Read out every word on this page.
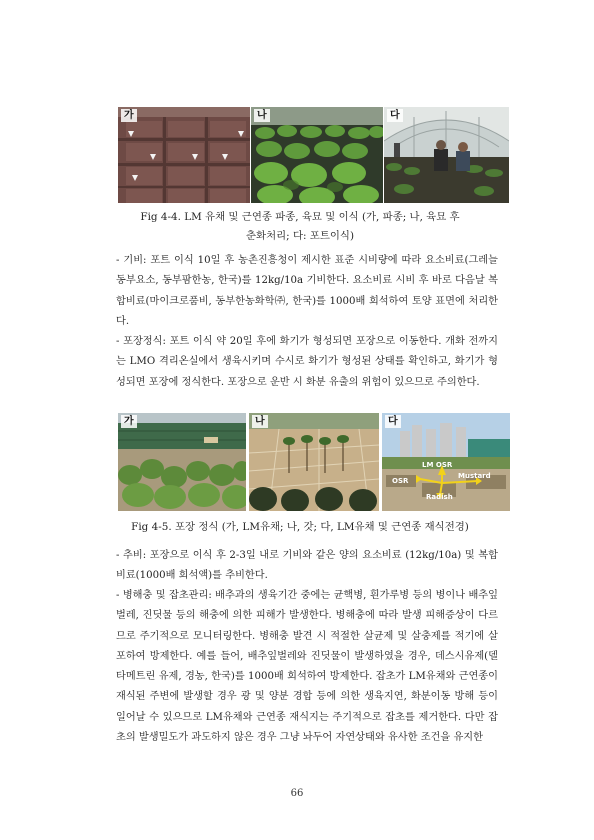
가	나	다
Fig 4-4. LM 유채 및 근연종 파종, 육묘 및 이식 (가, 파종; 나, 육묘 후
춘화처리; 다: 포트이식)

- 기비: 포트 이식 10일 후 농촌진흥청이 제시한 표준 시비량에 따라 요소비료(그레늘 동부요소, 동부팜한농, 한국)를 12kg/10a 기비한다. 요소비료 시비 후 바로 다음날 복합비료(마이크로품비, 동부한농화학㈜, 한국)를 1000배 희석하여 토양 표면에 처리한다.

- 포장정식: 포트 이식 약 20일 후에 화기가 형성되면 포장으로 이동한다. 개화 전까지는 LMO 격리온실에서 생육시키며 수시로 화기가 형성된 상태를 확인하고, 화기가 형성되면 포장에 정식한다. 포장으로 운반 시 화분 유출의 위험이 있으므로 주의한다.

가	나
LM OSR
OSR
Mustard
Radish
다
Fig 4-5. 포장 정식 (가, LM유채; 나, 갓; 다, LM유채 및 근연종 재식전경)

- 추비: 포장으로 이식 후 2-3일 내로 기비와 같은 양의 요소비료 (12kg/10a) 및 복합비료(1000배 희석액)를 추비한다.

- 병해충 및 잡초관리: 배추과의 생육기간 중에는 균핵병, 흰가루병 등의 병이나 배추잎벌레, 진딧물 등의 해충에 의한 피해가 발생한다. 병해충에 따라 발생 피해증상이 다르므로 주기적으로 모니터링한다. 병해충 발견 시 적절한 살균제 및 살충제를 적기에 살포하여 방제한다. 예를 들어, 배추잎벌레와 진딧물이 발생하였을 경우, 데스시유제(델타메트린 유제, 경농, 한국)를 1000배 희석하여 방제한다. 잡초가 LM유채와 근연종이 재식된 주변에 발생할 경우 광 및 양분 경합 등에 의한 생육지연, 화분이동 방해 등이 일어날 수 있으므로 LM유채와 근연종 재식지는 주기적으로 잡초를 제거한다. 다만 잡초의 발생밀도가 과도하지 않은 경우 그냥 놔두어 자연상태와 유사한 조건을 유지한

66
